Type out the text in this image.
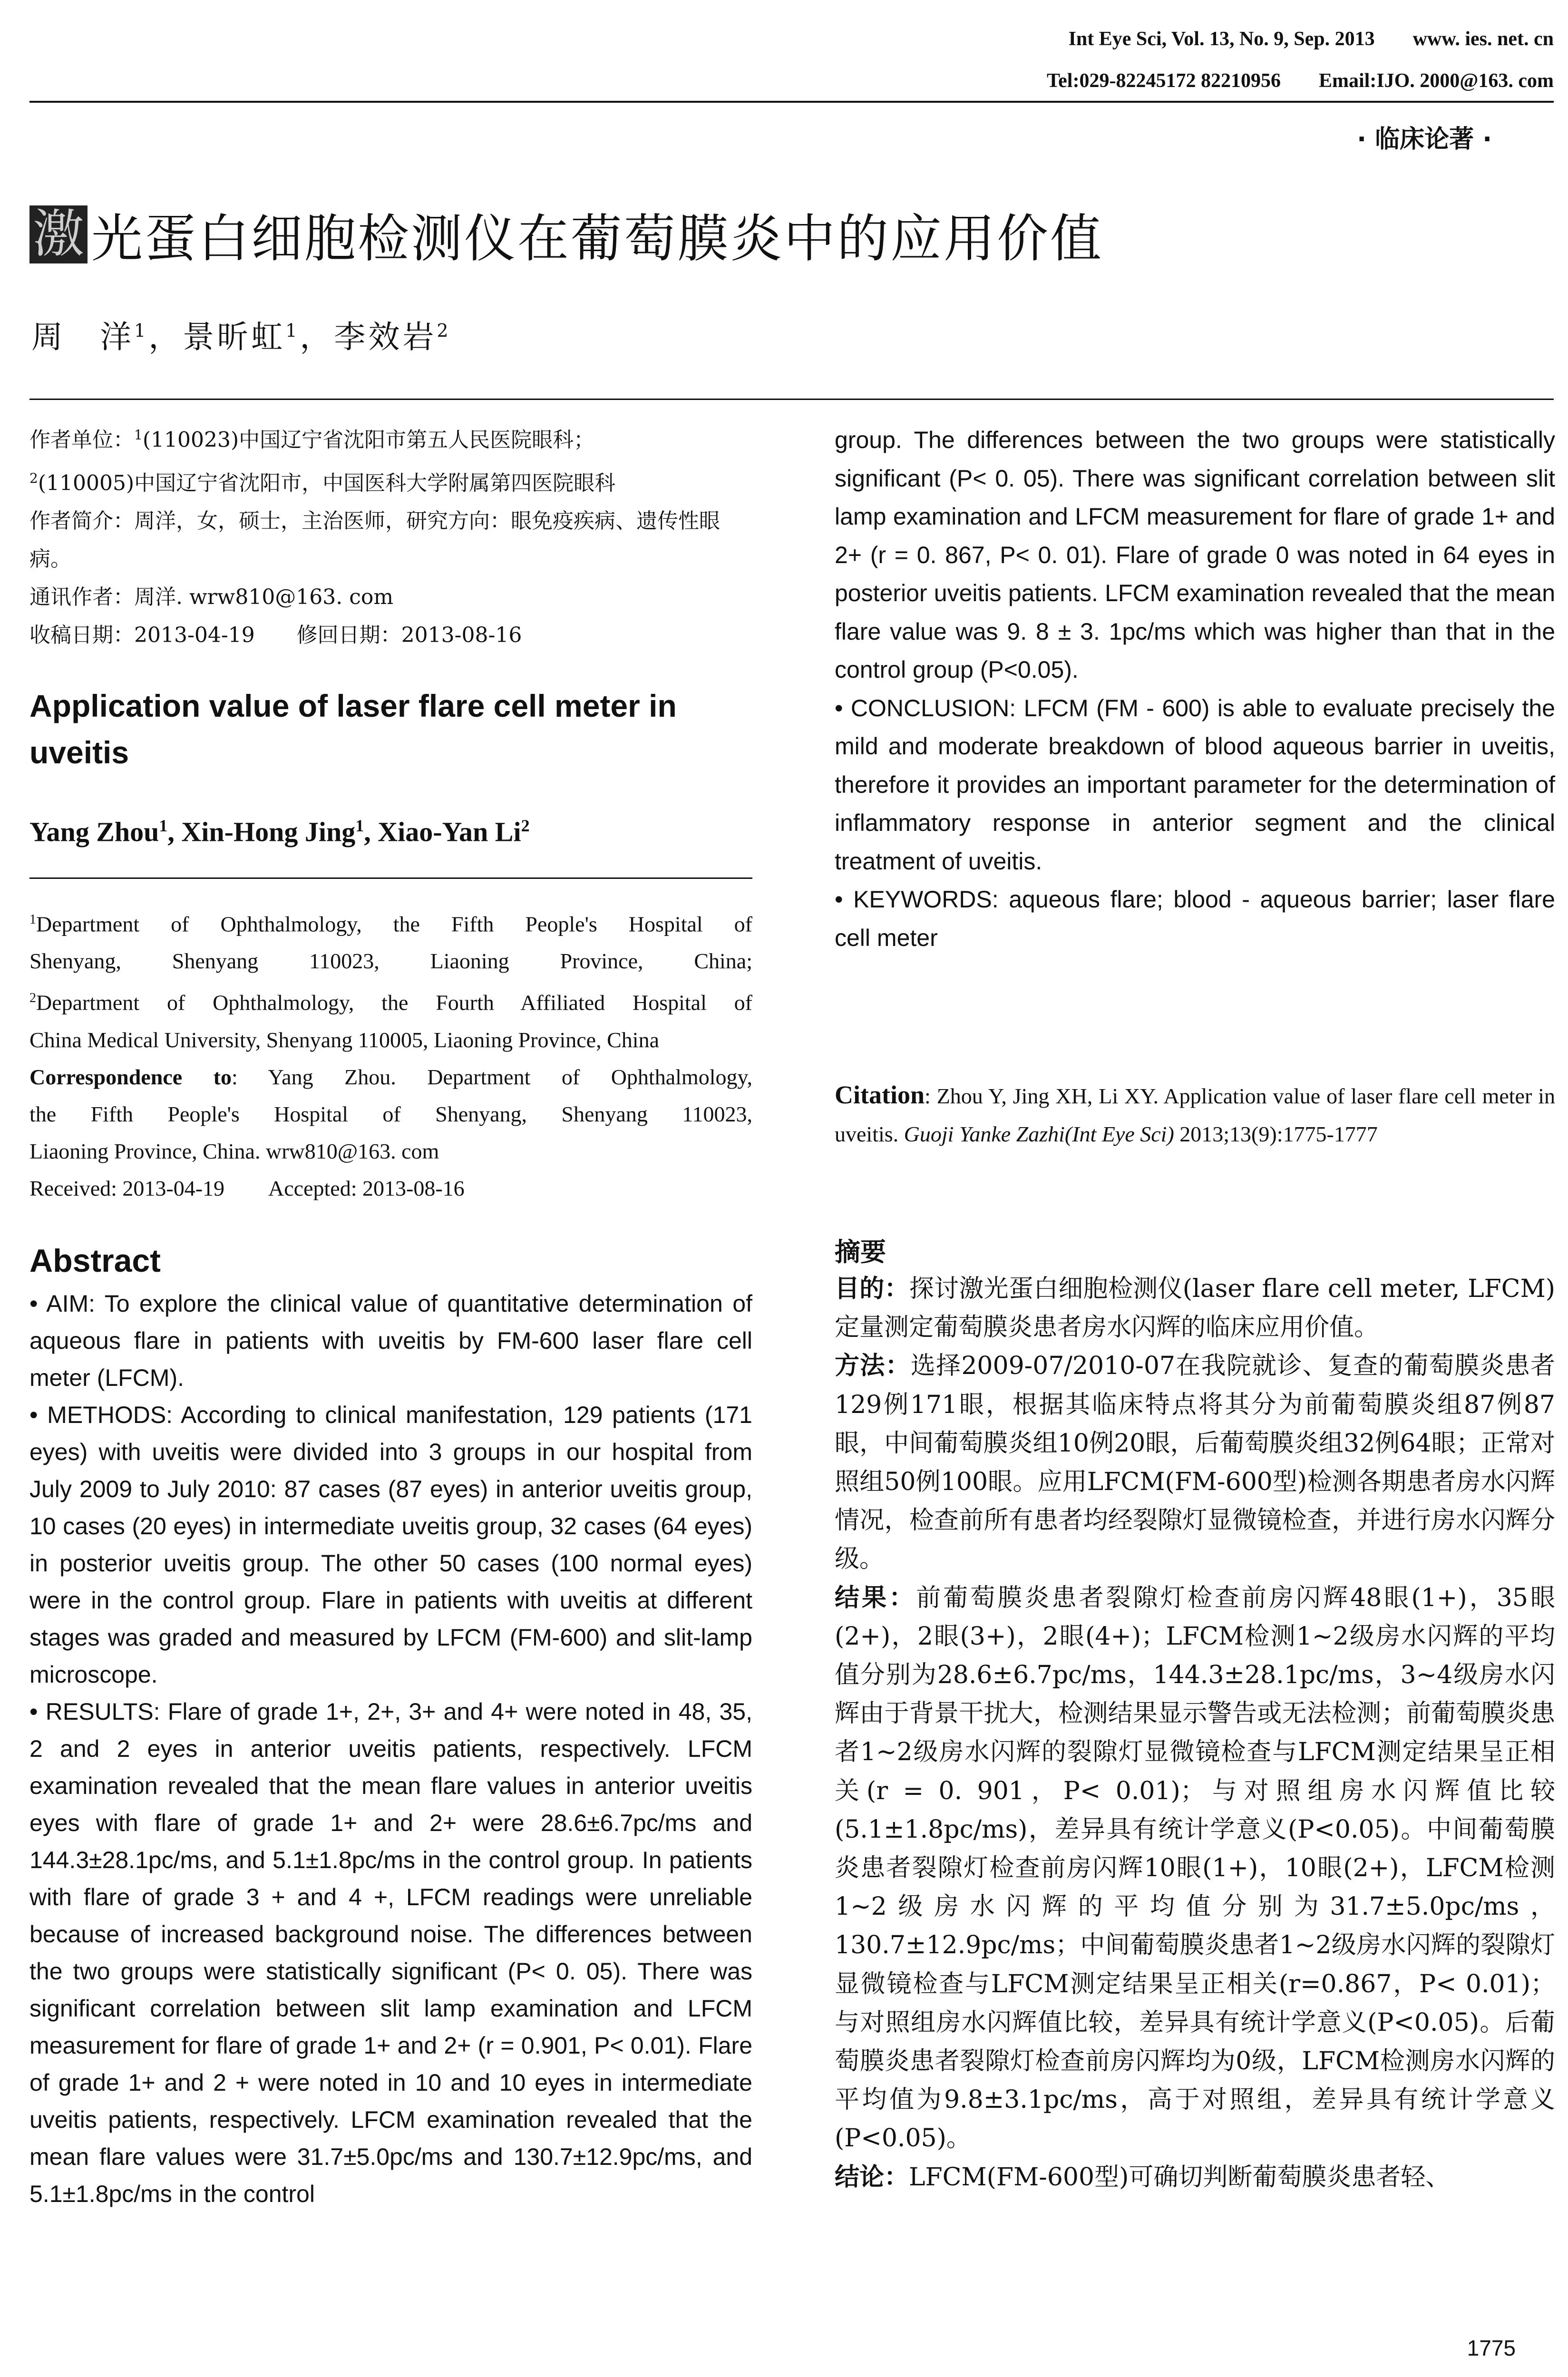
Int Eye Sci, Vol. 13, No. 9, Sep. 2013 www. ies. net. cn
Tel:029-82245172 82210956 Email:IJO. 2000@163. com
· 临床论著 ·
激 光蛋白细胞检测仪在葡萄膜炎中的应用价值
周　洋$^1$，景昕虹$^1$，李效岩$^2$
作者单位：$^1$(110023)中国辽宁省沈阳市第五人民医院眼科；
$^2$(110005)中国辽宁省沈阳市，中国医科大学附属第四医院眼科
作者简介：周洋，女，硕士，主治医师，研究方向：眼免疫疾病、遗传性眼病。
通讯作者：周洋. wrw810@163. com
收稿日期：2013-04-19　　修回日期：2013-08-16
Application value of laser flare cell meter in uveitis
Yang Zhou$^1$, Xin-Hong Jing$^1$, Xiao-Yan Li$^2$
$^1$Department of Ophthalmology, the Fifth People's Hospital of
Shenyang, Shenyang 110023, Liaoning Province, China;
$^2$Department of Ophthalmology, the Fourth Affiliated Hospital of
China Medical University, Shenyang 110005, Liaoning Province, China
Correspondence to: Yang Zhou. Department of Ophthalmology,
the Fifth People's Hospital of Shenyang, Shenyang 110023,
Liaoning Province, China. wrw810@163. com
Received: 2013-04-19　　Accepted: 2013-08-16
Abstract

• AIM: To explore the clinical value of quantitative determination of aqueous flare in patients with uveitis by FM-600 laser flare cell meter (LFCM).

• METHODS: According to clinical manifestation, 129 patients (171 eyes) with uveitis were divided into 3 groups in our hospital from July 2009 to July 2010: 87 cases (87 eyes) in anterior uveitis group, 10 cases (20 eyes) in intermediate uveitis group, 32 cases (64 eyes) in posterior uveitis group. The other 50 cases (100 normal eyes) were in the control group. Flare in patients with uveitis at different stages was graded and measured by LFCM (FM-600) and slit-lamp microscope.

• RESULTS: Flare of grade 1+, 2+, 3+ and 4+ were noted in 48, 35, 2 and 2 eyes in anterior uveitis patients, respectively. LFCM examination revealed that the mean flare values in anterior uveitis eyes with flare of grade 1+ and 2+ were 28.6±6.7pc/ms and 144.3±28.1pc/ms, and 5.1±1.8pc/ms in the control group. In patients with flare of grade 3 + and 4 +, LFCM readings were unreliable because of increased background noise. The differences between the two groups were statistically significant (P< 0. 05). There was significant correlation between slit lamp examination and LFCM measurement for flare of grade 1+ and 2+ (r = 0.901, P< 0.01). Flare of grade 1+ and 2 + were noted in 10 and 10 eyes in intermediate uveitis patients, respectively. LFCM examination revealed that the mean flare values were 31.7±5.0pc/ms and 130.7±12.9pc/ms, and 5.1±1.8pc/ms in the control

group. The differences between the two groups were statistically significant (P< 0. 05). There was significant correlation between slit lamp examination and LFCM measurement for flare of grade 1+ and 2+ (r = 0. 867, P< 0. 01). Flare of grade 0 was noted in 64 eyes in posterior uveitis patients. LFCM examination revealed that the mean flare value was 9. 8 ± 3. 1pc/ms which was higher than that in the control group (P<0.05).

• CONCLUSION: LFCM (FM - 600) is able to evaluate precisely the mild and moderate breakdown of blood aqueous barrier in uveitis, therefore it provides an important parameter for the determination of inflammatory response in anterior segment and the clinical treatment of uveitis.

• KEYWORDS: aqueous flare; blood - aqueous barrier; laser flare cell meter

Citation: Zhou Y, Jing XH, Li XY. Application value of laser flare cell meter in uveitis. Guoji Yanke Zazhi(Int Eye Sci) 2013;13(9):1775-1777
摘要

目的：探讨激光蛋白细胞检测仪(laser flare cell meter, LFCM)定量测定葡萄膜炎患者房水闪辉的临床应用价值。

方法：选择2009-07/2010-07在我院就诊、复查的葡萄膜炎患者129例171眼，根据其临床特点将其分为前葡萄膜炎组87例87眼，中间葡萄膜炎组10例20眼，后葡萄膜炎组32例64眼；正常对照组50例100眼。应用LFCM(FM-600型)检测各期患者房水闪辉情况，检查前所有患者均经裂隙灯显微镜检查，并进行房水闪辉分级。

结果：前葡萄膜炎患者裂隙灯检查前房闪辉48眼(1+)，35眼(2+)，2眼(3+)，2眼(4+)；LFCM检测1~2级房水闪辉的平均值分别为28.6±6.7pc/ms，144.3±28.1pc/ms，3~4级房水闪辉由于背景干扰大，检测结果显示警告或无法检测；前葡萄膜炎患者1~2级房水闪辉的裂隙灯显微镜检查与LFCM测定结果呈正相关(r = 0. 901，P< 0.01)；与对照组房水闪辉值比较(5.1±1.8pc/ms)，差异具有统计学意义(P<0.05)。中间葡萄膜炎患者裂隙灯检查前房闪辉10眼(1+)，10眼(2+)，LFCM检测1~2级房水闪辉的平均值分别为31.7±5.0pc/ms，130.7±12.9pc/ms；中间葡萄膜炎患者1~2级房水闪辉的裂隙灯显微镜检查与LFCM测定结果呈正相关(r=0.867，P< 0.01)；与对照组房水闪辉值比较，差异具有统计学意义(P<0.05)。后葡萄膜炎患者裂隙灯检查前房闪辉均为0级，LFCM检测房水闪辉的平均值为9.8±3.1pc/ms，高于对照组，差异具有统计学意义(P<0.05)。

结论：LFCM(FM-600型)可确切判断葡萄膜炎患者轻、

1775
